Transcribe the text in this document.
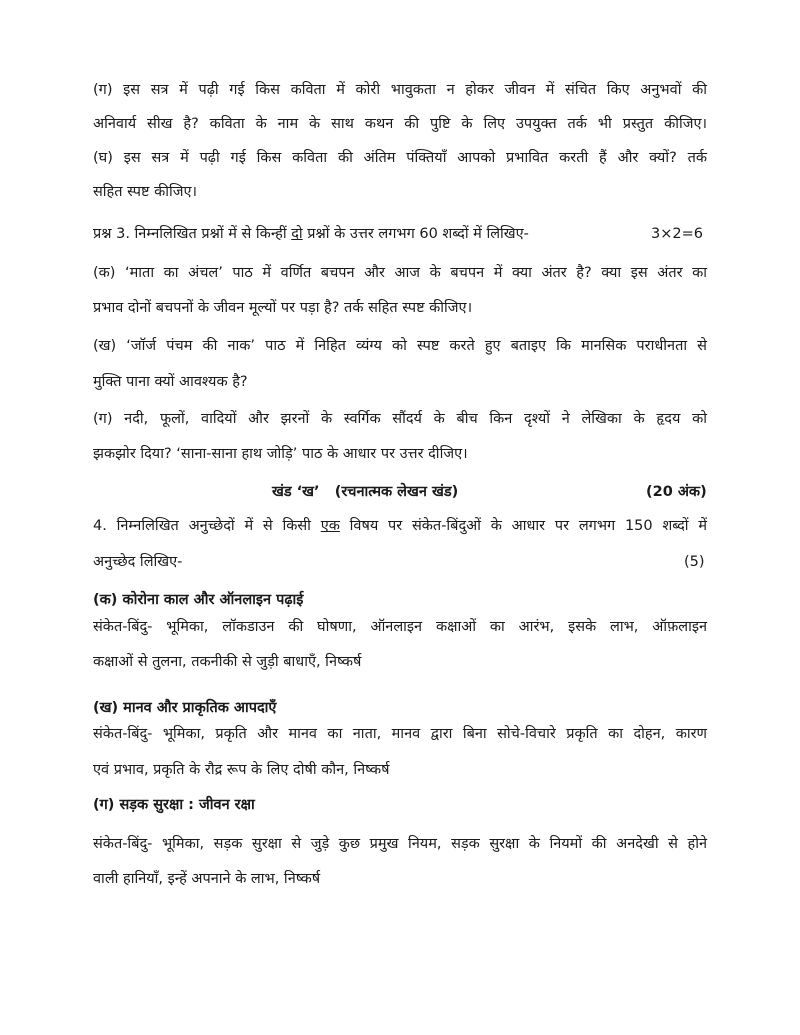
(ग) इस सत्र में पढ़ी गई किस कविता में कोरी भावुकता न होकर जीवन में संचित किए अनुभवों की
अनिवार्य सीख है? कविता के नाम के साथ कथन की पुष्टि के लिए उपयुक्त तर्क भी प्रस्तुत कीजिए।
(घ) इस सत्र में पढ़ी गई किस कविता की अंतिम पंक्तियाँ आपको प्रभावित करती हैं और क्यों? तर्क
सहित स्पष्ट कीजिए।
प्रश्न 3. निम्नलिखित प्रश्नों में से किन्हीं दो प्रश्नों के उत्तर लगभग 60 शब्दों में लिखिए-	3×2=6
(क) ‘माता का अंचल’ पाठ में वर्णित बचपन और आज के बचपन में क्या अंतर है? क्या इस अंतर का
प्रभाव दोनों बचपनों के जीवन मूल्यों पर पड़ा है? तर्क सहित स्पष्ट कीजिए।
(ख) ‘जॉर्ज पंचम की नाक’ पाठ में निहित व्यंग्य को स्पष्ट करते हुए बताइए कि मानसिक पराधीनता से
मुक्ति पाना क्यों आवश्यक है?
(ग) नदी, फूलों, वादियों और झरनों के स्वर्गिक सौंदर्य के बीच किन दृश्यों ने लेखिका के हृदय को
झकझोर दिया? ‘साना-साना हाथ जोड़ि’ पाठ के आधार पर उत्तर दीजिए।
खंड ‘ख’   (रचनात्मक लेखन खंड)	(20 अंक)
4. निम्नलिखित अनुच्छेदों में से किसी एक विषय पर संकेत-बिंदुओं के आधार पर लगभग 150 शब्दों में
अनुच्छेद लिखिए-	(5)
(क) कोरोना काल और ऑनलाइन पढ़ाई
संकेत-बिंदु- भूमिका, लॉकडाउन की घोषणा, ऑनलाइन कक्षाओं का आरंभ, इसके लाभ, ऑफ़लाइन
कक्षाओं से तुलना, तकनीकी से जुड़ी बाधाएँ, निष्कर्ष
(ख) मानव और प्राकृतिक आपदाएँ
संकेत-बिंदु- भूमिका, प्रकृति और मानव का नाता, मानव द्वारा बिना सोचे-विचारे प्रकृति का दोहन, कारण
एवं प्रभाव, प्रकृति के रौद्र रूप के लिए दोषी कौन, निष्कर्ष
(ग) सड़क सुरक्षा : जीवन रक्षा
संकेत-बिंदु- भूमिका, सड़क सुरक्षा से जुड़े कुछ प्रमुख नियम, सड़क सुरक्षा के नियमों की अनदेखी से होने
वाली हानियाँ, इन्हें अपनाने के लाभ, निष्कर्ष
